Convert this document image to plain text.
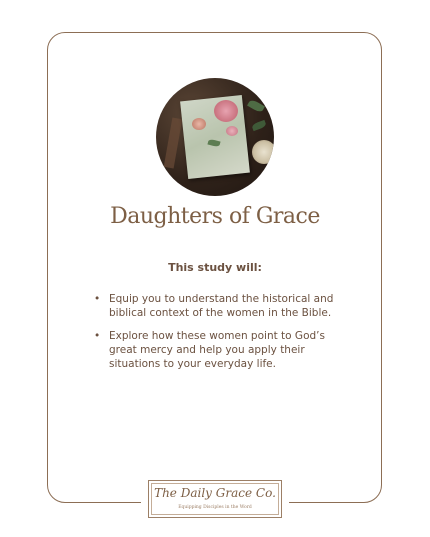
Daughters of Grace
This study will:
• Equip you to understand the historical and biblical context of the women in the Bible.
• Explore how these women point to God’s great mercy and help you apply their situations to your everyday life.
The Daily Grace Co.
Equipping Disciples in the Word
